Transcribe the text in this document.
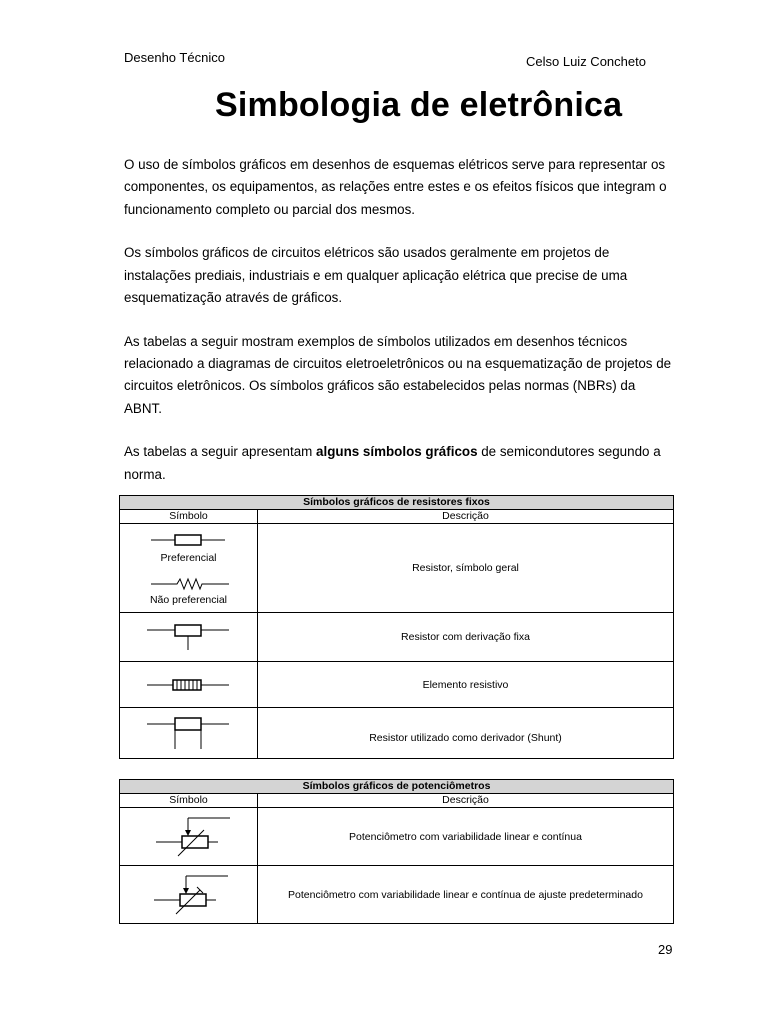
Desenho Técnico	Celso Luiz Concheto
Simbologia de eletrônica

O uso de símbolos gráficos em desenhos de esquemas elétricos serve para representar os componentes, os equipamentos, as relações entre estes e os efeitos físicos que integram o funcionamento completo ou parcial dos mesmos.

Os símbolos gráficos de circuitos elétricos são usados geralmente em projetos de instalações prediais, industriais e em qualquer aplicação elétrica que precise de uma esquematização através de gráficos.

As tabelas a seguir mostram exemplos de símbolos utilizados em desenhos técnicos relacionado a diagramas de circuitos eletroeletrônicos ou na esquematização de projetos de circuitos eletrônicos. Os símbolos gráficos são estabelecidos pelas normas (NBRs) da ABNT.

As tabelas a seguir apresentam alguns símbolos gráficos de semicondutores segundo a norma.

Símbolos gráficos de resistores fixos	
Símbolo	Descrição

Preferencial
Não preferencial	Resistor, símbolo geral

	Resistor com derivação fixa

	Elemento resistivo

	Resistor utilizado como derivador (Shunt)
Símbolos gráficos de potenciômetros	
Símbolo	Descrição

	Potenciômetro com variabilidade linear e contínua

	Potenciômetro com variabilidade linear e contínua de ajuste predeterminado
29
